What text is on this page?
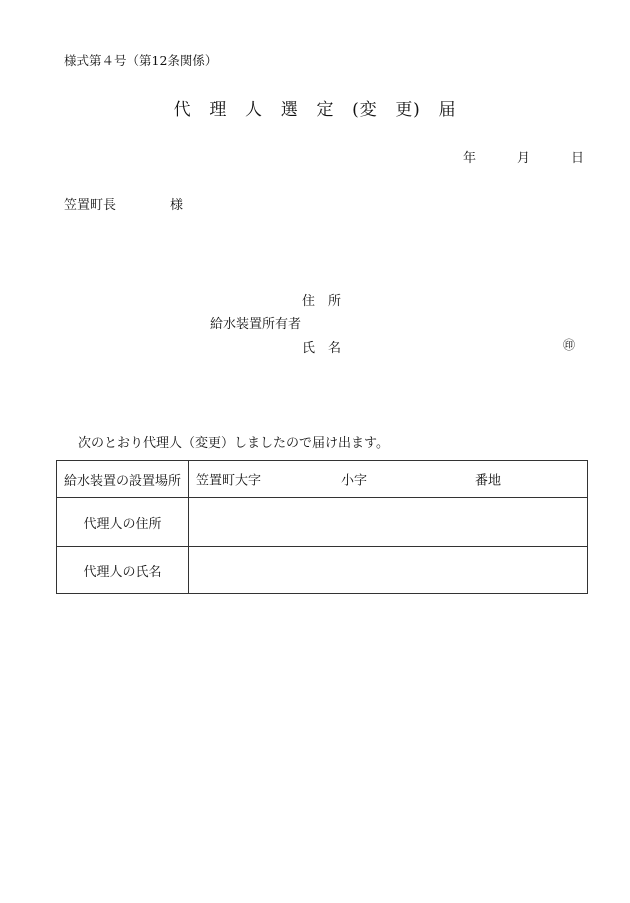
様式第４号（第12条関係）
代　理　人　選　定　(変　更)　届
年	月	日
笠置町長	様
住　所
給水装置所有者
氏　名	㊞
次のとおり代理人（変更）しましたので届け出ます。
給水装置の設置場所	笠置町大字 小字 番地

代理人の住所	
代理人の氏名	
